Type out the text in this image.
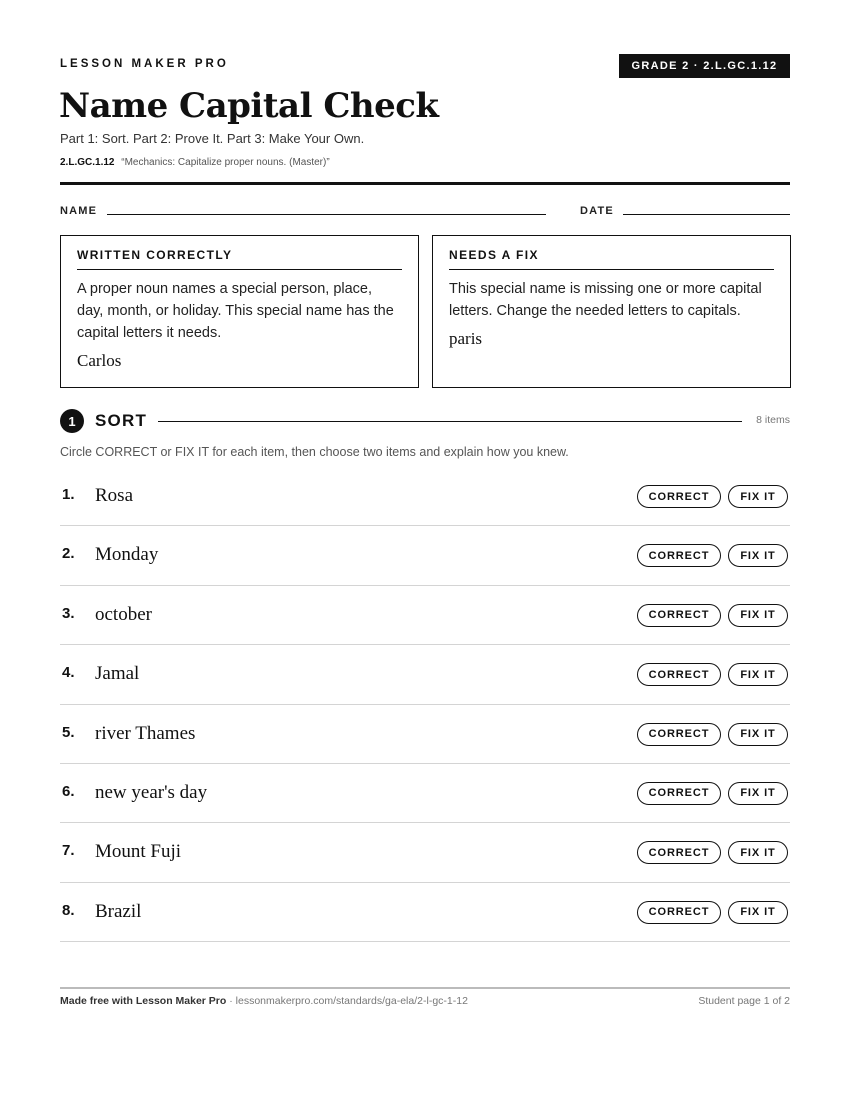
LESSON MAKER PRO	GRADE 2 · 2.L.GC.1.12
Name Capital Check
Part 1: Sort. Part 2: Prove It. Part 3: Make Your Own.
2.L.GC.1.12 “Mechanics: Capitalize proper nouns. (Master)”
NAME	DATE
WRITTEN CORRECTLY
A proper noun names a special person, place, day, month, or holiday. This special name has the capital letters it needs.
Carlos
NEEDS A FIX
This special name is missing one or more capital letters. Change the needed letters to capitals.
paris
1	SORT	8 items
Circle CORRECT or FIX IT for each item, then choose two items and explain how you knew.
1. Rosa	CORRECT	FIX IT
2. Monday	CORRECT	FIX IT
3. october	CORRECT	FIX IT
4. Jamal	CORRECT	FIX IT
5. river Thames	CORRECT	FIX IT
6. new year's day	CORRECT	FIX IT
7. Mount Fuji	CORRECT	FIX IT
8. Brazil	CORRECT	FIX IT
Made free with Lesson Maker Pro · lessonmakerpro.com/standards/ga-ela/2-l-gc-1-12	Student page 1 of 2
